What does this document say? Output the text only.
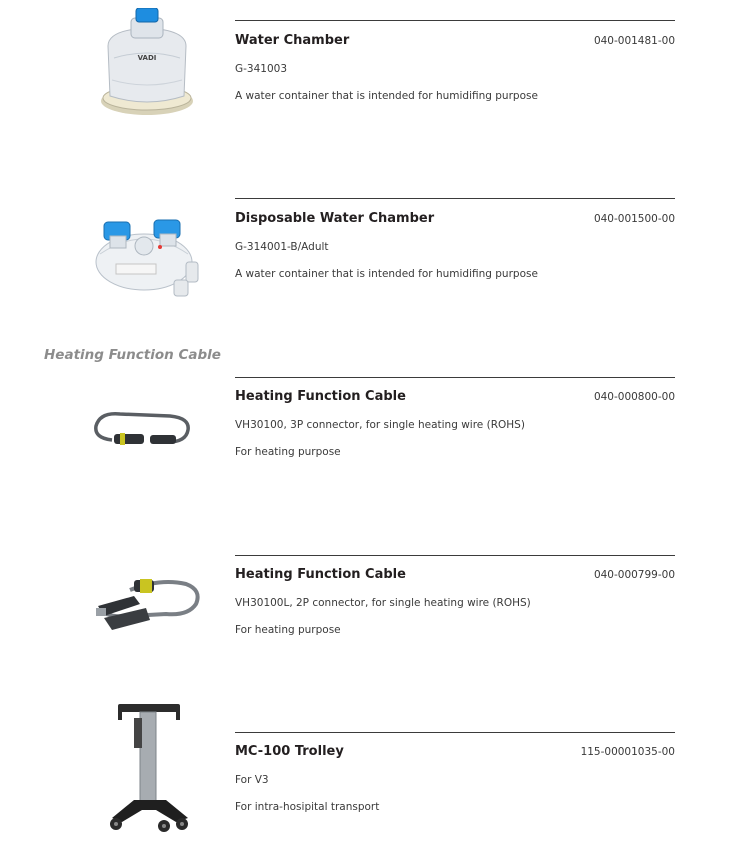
VADI
Water Chamber	040-001481-00
G-341003
A water container that is intended for humidifing purpose
Disposable Water Chamber	040-001500-00
G-314001-B/Adult
A water container that is intended for humidifing purpose
Heating Function Cable
Heating Function Cable	040-000800-00
VH30100, 3P connector, for single heating wire (ROHS)
For heating purpose
Heating Function Cable	040-000799-00
VH30100L, 2P connector, for single heating wire (ROHS)
For heating purpose
MC-100 Trolley	115-00001035-00
For V3
For intra-hosipital transport
